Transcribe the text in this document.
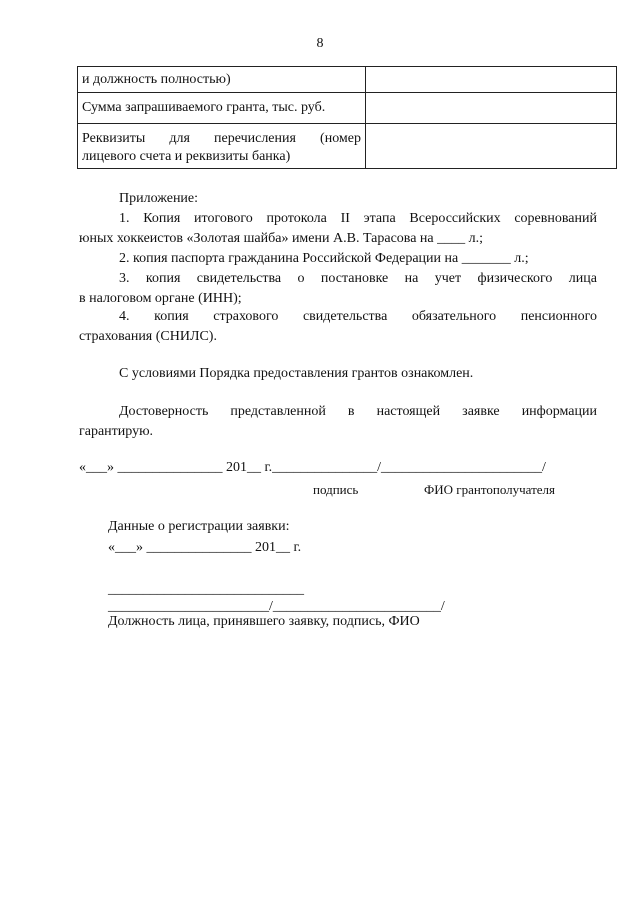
8
и должность полностью)	
Сумма запрашиваемого гранта, тыс. руб.	

Реквизиты для перечисления (номер
лицевого счета и реквизиты банка)	

Приложение:
1. Копия итогового протокола II этапа Всероссийских соревнований
юных хоккеистов «Золотая шайба» имени А.В. Тарасова на ____ л.;
2. копия паспорта гражданина Российской Федерации на _______ л.;
3. копия свидетельства о постановке на учет физического лица
в налоговом органе (ИНН);
4. копия страхового свидетельства обязательного пенсионного
страхования (СНИЛС).
С условиями Порядка предоставления грантов ознакомлен.
Достоверность представленной в настоящей заявке информации
гарантирую.
«___» _______________ 201__ г._______________/_______________________/
подпись	ФИО грантополучателя
Данные о регистрации заявки:
«___» _______________ 201__ г.
____________________________
_______________________/________________________/
Должность лица, принявшего заявку, подпись, ФИО
